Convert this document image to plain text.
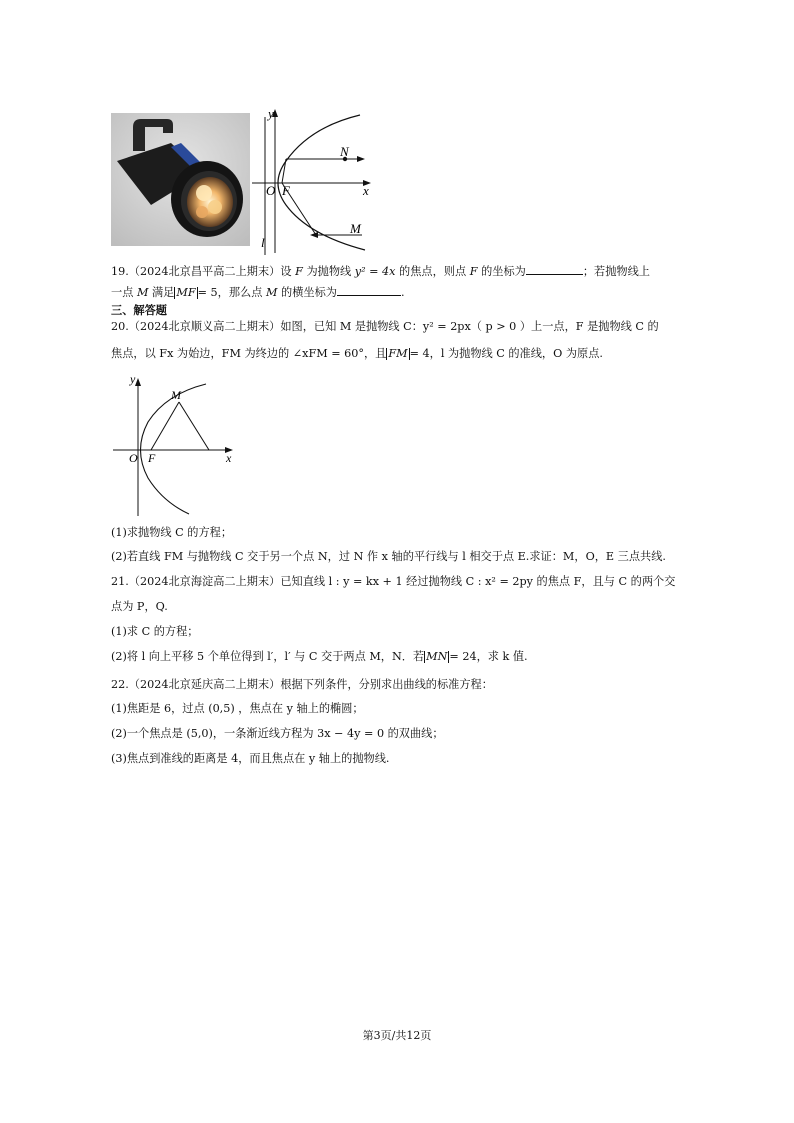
y
N
O F	x
M
l
19.（2024北京昌平高二上期末）设 F 为抛物线 y² = 4x 的焦点，则点 F 的坐标为	；若抛物线上
一点 M 满足 MF = 5，那么点 M 的横坐标为	.
三、解答题
20.（2024北京顺义高二上期末）如图，已知 M 是抛物线 C：y² = 2px（ p > 0 ）上一点，F 是抛物线 C 的
焦点，以 Fx 为始边，FM 为终边的 ∠xFM = 60°，且 FM = 4，l 为抛物线 C 的准线，O 为原点.
y
M
O F	x
(1)求抛物线 C 的方程；
(2)若直线 FM 与抛物线 C 交于另一个点 N，过 N 作 x 轴的平行线与 l 相交于点 E.求证：M，O，E 三点共线.
21.（2024北京海淀高二上期末）已知直线 l : y = kx + 1 经过抛物线 C : x² = 2py 的焦点 F，且与 C 的两个交
点为 P，Q.
(1)求 C 的方程；
(2)将 l 向上平移 5 个单位得到 l′，l′ 与 C 交于两点 M，N．若 MN = 24，求 k 值.
22.（2024北京延庆高二上期末）根据下列条件，分别求出曲线的标准方程：
(1)焦距是 6，过点 (0,5) ，焦点在 y 轴上的椭圆；
(2)一个焦点是 (5,0)，一条渐近线方程为 3x − 4y = 0 的双曲线；
(3)焦点到准线的距离是 4，而且焦点在 y 轴上的抛物线.
第3页/共12页
